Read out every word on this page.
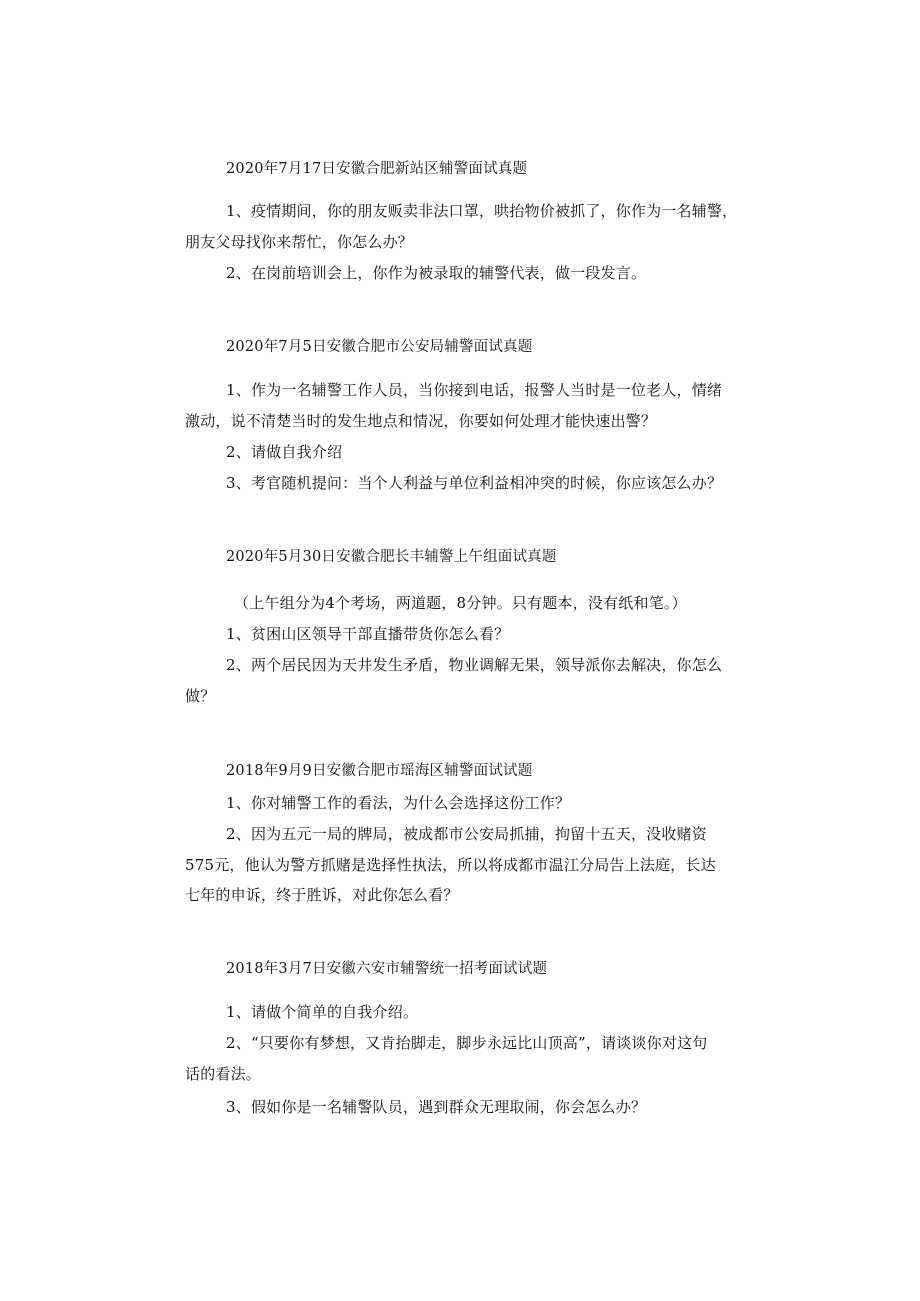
2020年7月17日安徽合肥新站区辅警面试真题
1、疫情期间，你的朋友贩卖非法口罩，哄抬物价被抓了，你作为一名辅警，
朋友父母找你来帮忙，你怎么办？
2、在岗前培训会上，你作为被录取的辅警代表，做一段发言。
2020年7月5日安徽合肥市公安局辅警面试真题
1、作为一名辅警工作人员，当你接到电话，报警人当时是一位老人，情绪
激动，说不清楚当时的发生地点和情况，你要如何处理才能快速出警？
2、请做自我介绍
3、考官随机提问：当个人利益与单位利益相冲突的时候，你应该怎么办？
2020年5月30日安徽合肥长丰辅警上午组面试真题
（上午组分为4个考场，两道题，8分钟。只有题本，没有纸和笔。）
1、贫困山区领导干部直播带货你怎么看？
2、两个居民因为天井发生矛盾，物业调解无果，领导派你去解决，你怎么
做？
2018年9月9日安徽合肥市瑶海区辅警面试试题
1、你对辅警工作的看法，为什么会选择这份工作？
2、因为五元一局的牌局，被成都市公安局抓捕，拘留十五天，没收赌资
575元，他认为警方抓赌是选择性执法，所以将成都市温江分局告上法庭，长达
七年的申诉，终于胜诉，对此你怎么看？
2018年3月7日安徽六安市辅警统一招考面试试题
1、请做个简单的自我介绍。
2、“只要你有梦想，又肯抬脚走，脚步永远比山顶高”，请谈谈你对这句
话的看法。
3、假如你是一名辅警队员，遇到群众无理取闹，你会怎么办？
